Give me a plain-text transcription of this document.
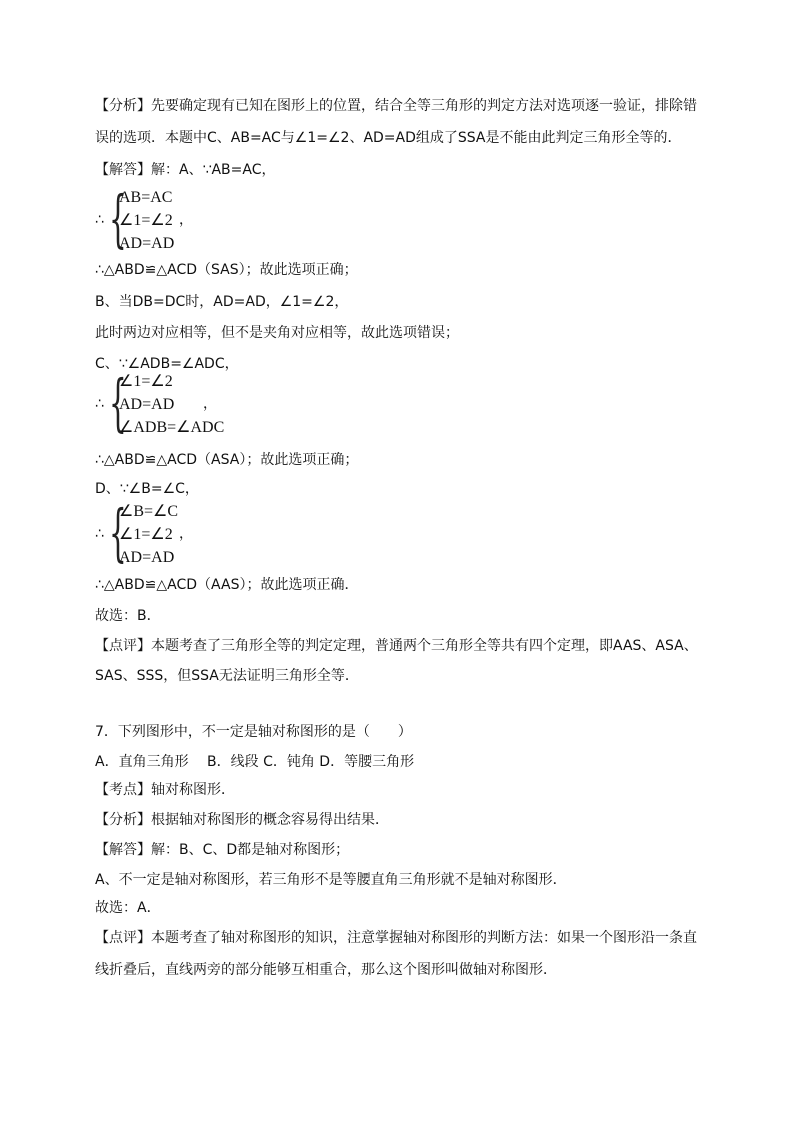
【分析】先要确定现有已知在图形上的位置，结合全等三角形的判定方法对选项逐一验证，排除错
误的选项．本题中C、AB=AC与∠1=∠2、AD=AD组成了SSA是不能由此判定三角形全等的．
【解答】解：A、∵AB=AC，
∴ {
AB=AC
∠1=∠2
AD=AD
，
∴△ABD≌△ACD（SAS）；故此选项正确；
B、当DB=DC时，AD=AD，∠1=∠2，
此时两边对应相等，但不是夹角对应相等，故此选项错误；
C、∵∠ADB=∠ADC，
∴ {
∠1=∠2
AD=AD
∠ADB=∠ADC
，
∴△ABD≌△ACD（ASA）；故此选项正确；
D、∵∠B=∠C，
∴ {
∠B=∠C
∠1=∠2
AD=AD
，
∴△ABD≌△ACD（AAS）；故此选项正确．
故选：B．
【点评】本题考查了三角形全等的判定定理，普通两个三角形全等共有四个定理，即AAS、ASA、
SAS、SSS，但SSA无法证明三角形全等．
7．下列图形中，不一定是轴对称图形的是（　　）
A．直角三角形　 B．线段 C．钝角 D．等腰三角形
【考点】轴对称图形．
【分析】根据轴对称图形的概念容易得出结果．
【解答】解：B、C、D都是轴对称图形；
A、不一定是轴对称图形，若三角形不是等腰直角三角形就不是轴对称图形．
故选：A．
【点评】本题考查了轴对称图形的知识，注意掌握轴对称图形的判断方法：如果一个图形沿一条直
线折叠后，直线两旁的部分能够互相重合，那么这个图形叫做轴对称图形．
